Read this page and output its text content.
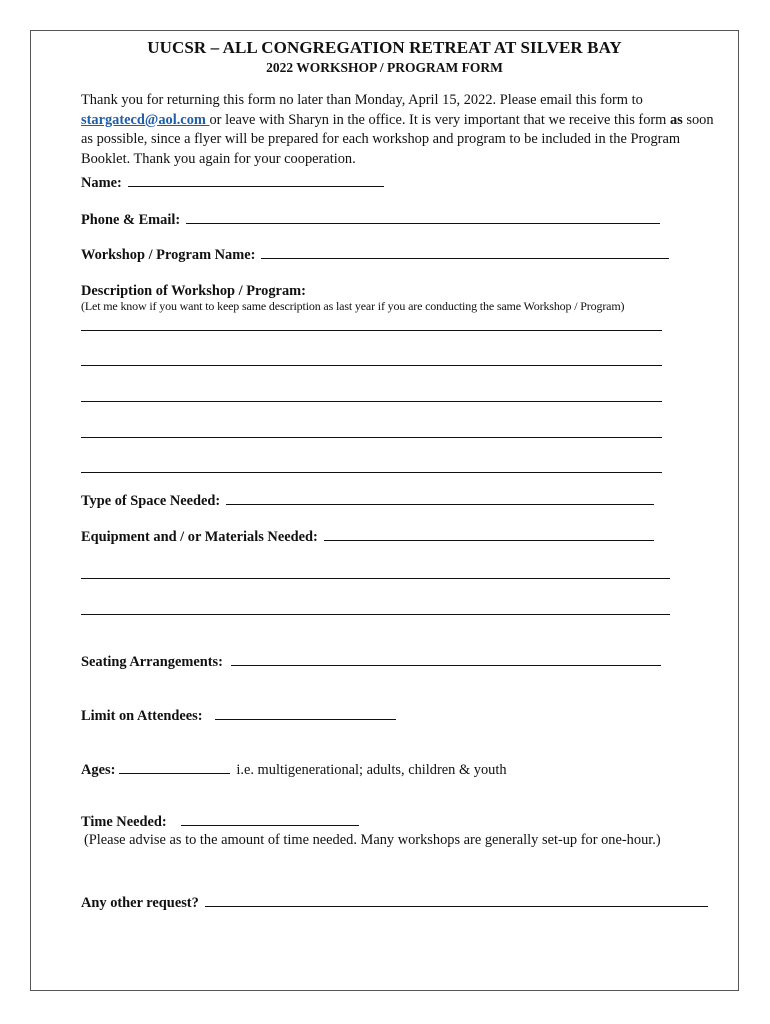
UUCSR – ALL CONGREGATION RETREAT AT SILVER BAY
2022 WORKSHOP / PROGRAM FORM
Thank you for returning this form no later than Monday, April 15, 2022. Please email this form to stargatecd@aol.com or leave with Sharyn in the office. It is very important that we receive this form as soon as possible, since a flyer will be prepared for each workshop and program to be included in the Program Booklet. Thank you again for your cooperation.
Name:
Phone & Email:
Workshop / Program Name:
Description of Workshop / Program:
(Let me know if you want to keep same description as last year if you are conducting the same Workshop / Program)
Type of Space Needed:
Equipment and / or Materials Needed:
Seating Arrangements:
Limit on Attendees:
Ages:	i.e. multigenerational; adults, children & youth
Time Needed:
(Please advise as to the amount of time needed. Many workshops are generally set-up for one-hour.)
Any other request?
